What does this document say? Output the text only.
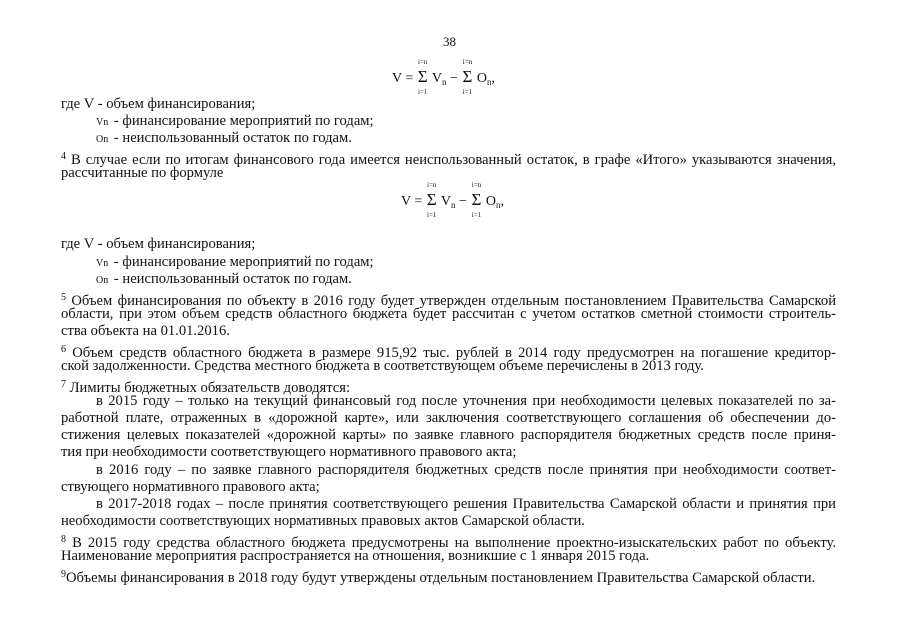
38
V = Σ
i=n
i=1
$V_n - \Sigma$
i=n
i=1
$O_n$,
где V - объем финансирования;
Vn - финансирование мероприятий по годам;
On - неиспользованный остаток по годам.
$^4$ В случае если по итогам финансового года имеется неиспользованный остаток, в графе «Итого» указываются значения,
рассчитанные по формуле
V = Σ
i=n
i=1
$V_n - \Sigma$
i=n
i=1
$O_n$,
где V - объем финансирования;
Vn - финансирование мероприятий по годам;
On - неиспользованный остаток по годам.
$^5$ Объем финансирования по объекту в 2016 году будет утвержден отдельным постановлением Правительства Самарской
области, при этом объем средств областного бюджета будет рассчитан с учетом остатков сметной стоимости строитель-
ства объекта на 01.01.2016.
$^6$ Объем средств областного бюджета в размере 915,92 тыс. рублей в 2014 году предусмотрен на погашение кредитор-
ской задолженности. Средства местного бюджета в соответствующем объеме перечислены в 2013 году.
$^7$ Лимиты бюджетных обязательств доводятся:
в 2015 году – только на текущий финансовый год после уточнения при необходимости целевых показателей по за-
работной плате, отраженных в «дорожной карте», или заключения соответствующего соглашения об обеспечении до-
стижения целевых показателей «дорожной карты» по заявке главного распорядителя бюджетных средств после приня-
тия при необходимости соответствующего нормативного правового акта;
в 2016 году – по заявке главного распорядителя бюджетных средств после принятия при необходимости соответ-
ствующего нормативного правового акта;
в 2017-2018 годах – после принятия соответствующего решения Правительства Самарской области и принятия при
необходимости соответствующих нормативных правовых актов Самарской области.
$^8$ В 2015 году средства областного бюджета предусмотрены на выполнение проектно-изыскательских работ по объекту.
Наименование мероприятия распространяется на отношения, возникшие с 1 января 2015 года.
$^9$Объемы финансирования в 2018 году будут утверждены отдельным постановлением Правительства Самарской области.
